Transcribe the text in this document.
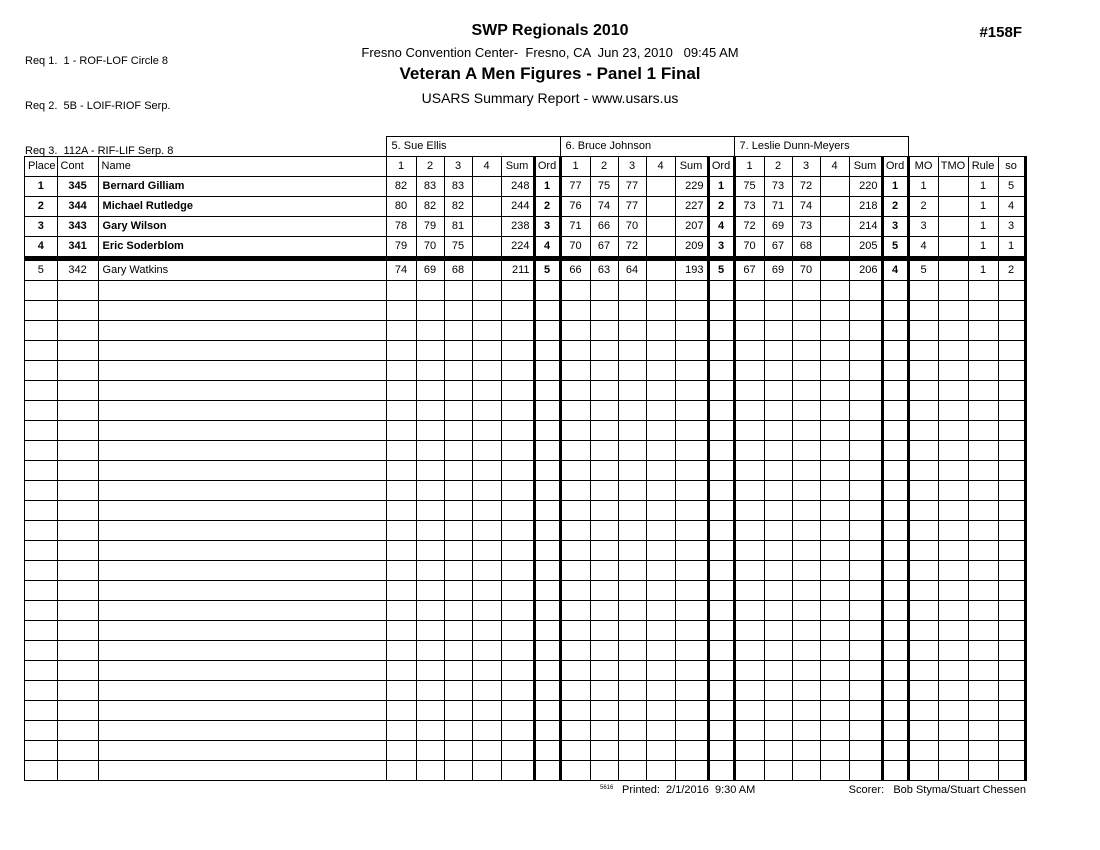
Req 1.  1 - ROF-LOF Circle 8

Req 2.  5B - LOIF-RIOF Serp.

Req 3.  112A - RIF-LIF Serp. 8

SWP Regionals 2010
Fresno Convention Center-  Fresno, CA  Jun 23, 2010   09:45 AM
Veteran A Men Figures - Panel 1 Final
USARS Summary Report - www.usars.us
#158F
			5. Sue Ellis						6. Bruce Johnson						7. Leslie Dunn-Meyers									
Place	Cont	Name	1	2	3	4	Sum	Ord	1	2	3	4	Sum	Ord	1	2	3	4	Sum	Ord	MO	TMO	Rule	so
1	345	Bernard Gilliam	82	83	83		248	1	77	75	77		229	1	75	73	72		220	1	1		1	5
2	344	Michael Rutledge	80	82	82		244	2	76	74	77		227	2	73	71	74		218	2	2		1	4
3	343	Gary Wilson	78	79	81		238	3	71	66	70		207	4	72	69	73		214	3	3		1	3
4	341	Eric Soderblom	79	70	75		224	4	70	67	72		209	3	70	67	68		205	5	4		1	1
5	342	Gary Watkins	74	69	68		211	5	66	63	64		193	5	67	69	70		206	4	5		1	2

5616 Printed:  2/1/2016  9:30 AM	Scorer: Bob Styma/Stuart Chessen
